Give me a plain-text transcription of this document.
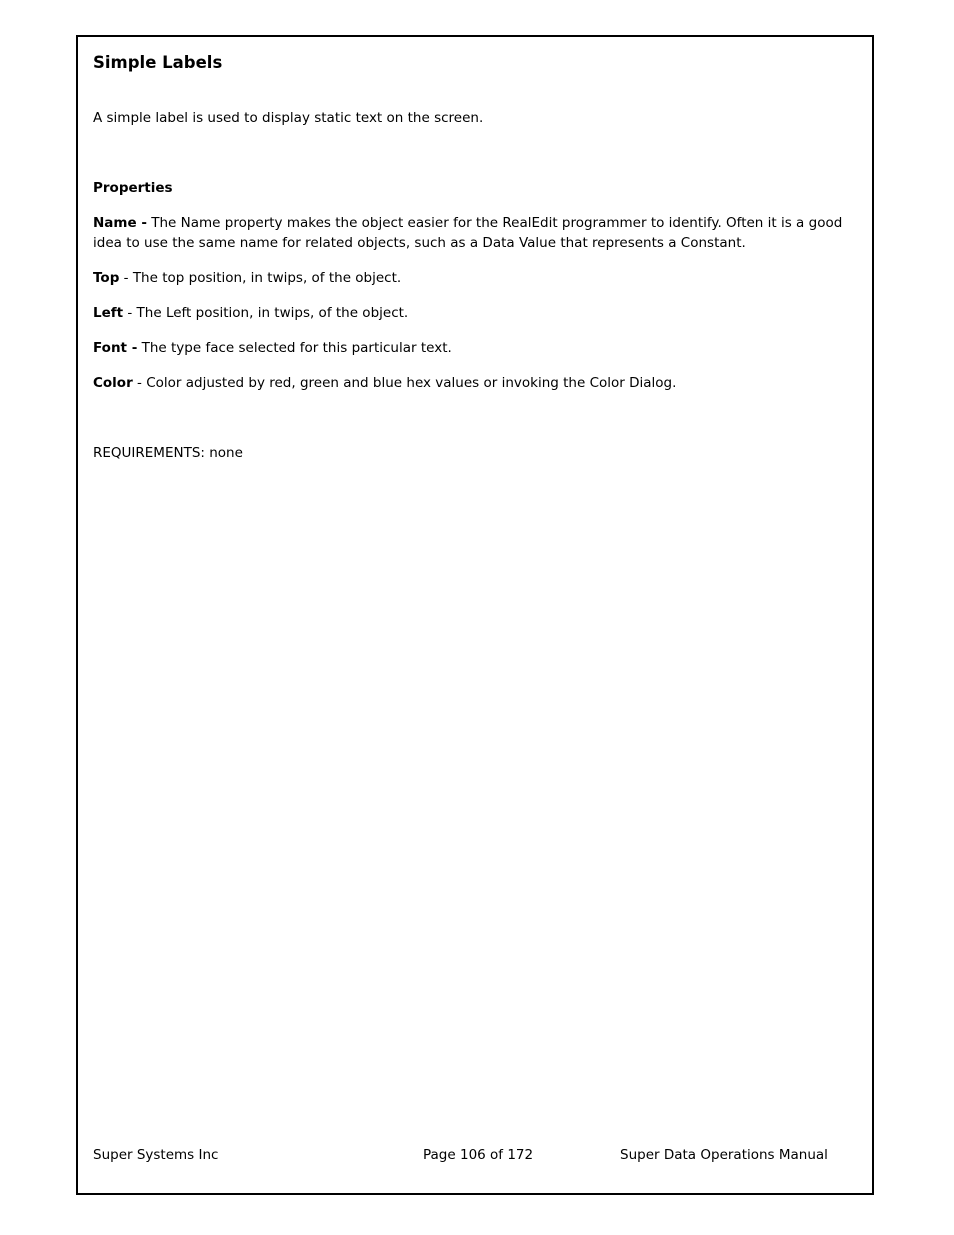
Simple Labels
A simple label is used to display static text on the screen.
Properties
Name - The Name property makes the object easier for the RealEdit programmer to identify. Often it is a good idea to use the same name for related objects, such as a Data Value that represents a Constant.
Top - The top position, in twips, of the object.
Left - The Left position, in twips, of the object.
Font - The type face selected for this particular text.
Color - Color adjusted by red, green and blue hex values or invoking the Color Dialog.
REQUIREMENTS: none
Super Systems Inc	Page 106 of 172	Super Data Operations Manual
